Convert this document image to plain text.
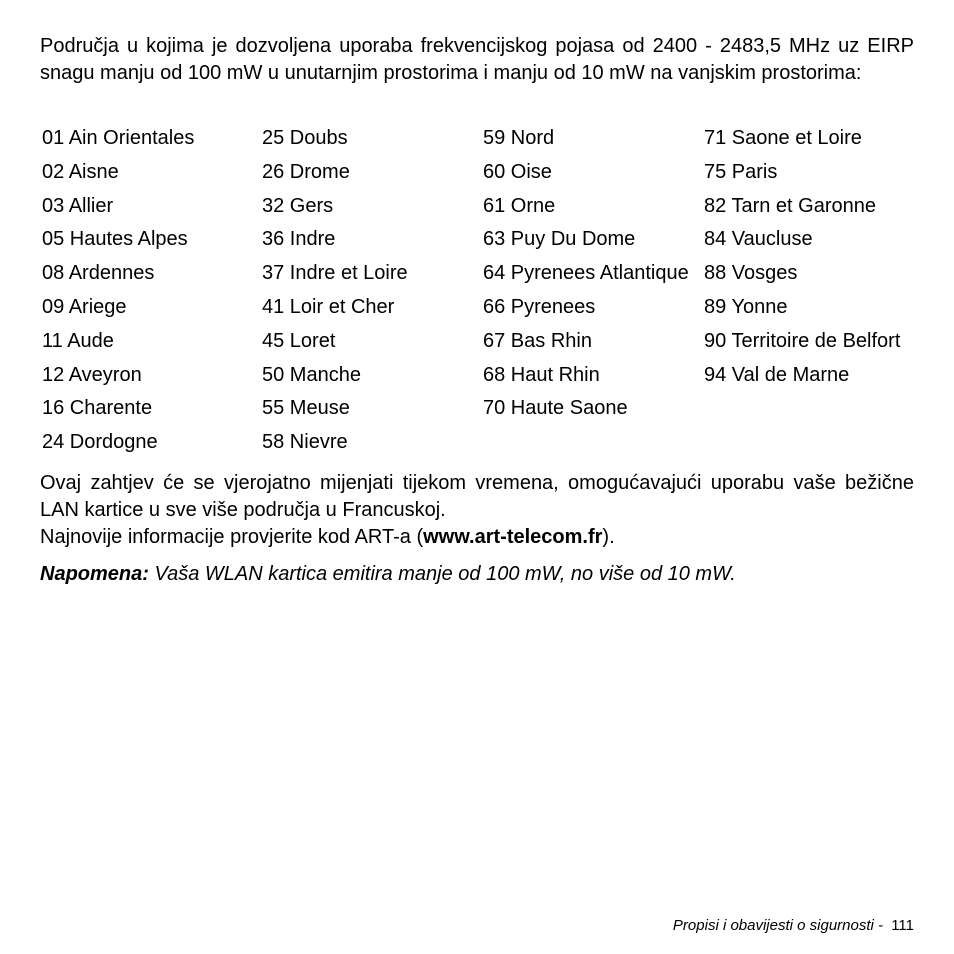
Područja u kojima je dozvoljena uporaba frekvencijskog pojasa od 2400 - 2483,5 MHz uz EIRP snagu manju od 100 mW u unutarnjim prostorima i manju od 10 mW na vanjskim prostorima:

01 Ain Orientales
02 Aisne
03 Allier
05 Hautes Alpes
08 Ardennes
09 Ariege
11 Aude
12 Aveyron
16 Charente
24 Dordogne
25 Doubs
26 Drome
32 Gers
36 Indre
37 Indre et Loire
41 Loir et Cher
45 Loret
50 Manche
55 Meuse
58 Nievre
59 Nord
60 Oise
61 Orne
63 Puy Du Dome
64 Pyrenees Atlantique
66 Pyrenees
67 Bas Rhin
68 Haut Rhin
70 Haute Saone
71 Saone et Loire
75 Paris
82 Tarn et Garonne
84 Vaucluse
88 Vosges
89 Yonne
90 Territoire de Belfort
94 Val de Marne

Ovaj zahtjev će se vjerojatno mijenjati tijekom vremena, omogućavajući uporabu vaše bežične LAN kartice u sve više područja u Francuskoj.

Najnovije informacije provjerite kod ART-a (www.art-telecom.fr).

Napomena: Vaša WLAN kartica emitira manje od 100 mW, no više od 10 mW.

Propisi i obavijesti o sigurnosti - 111
